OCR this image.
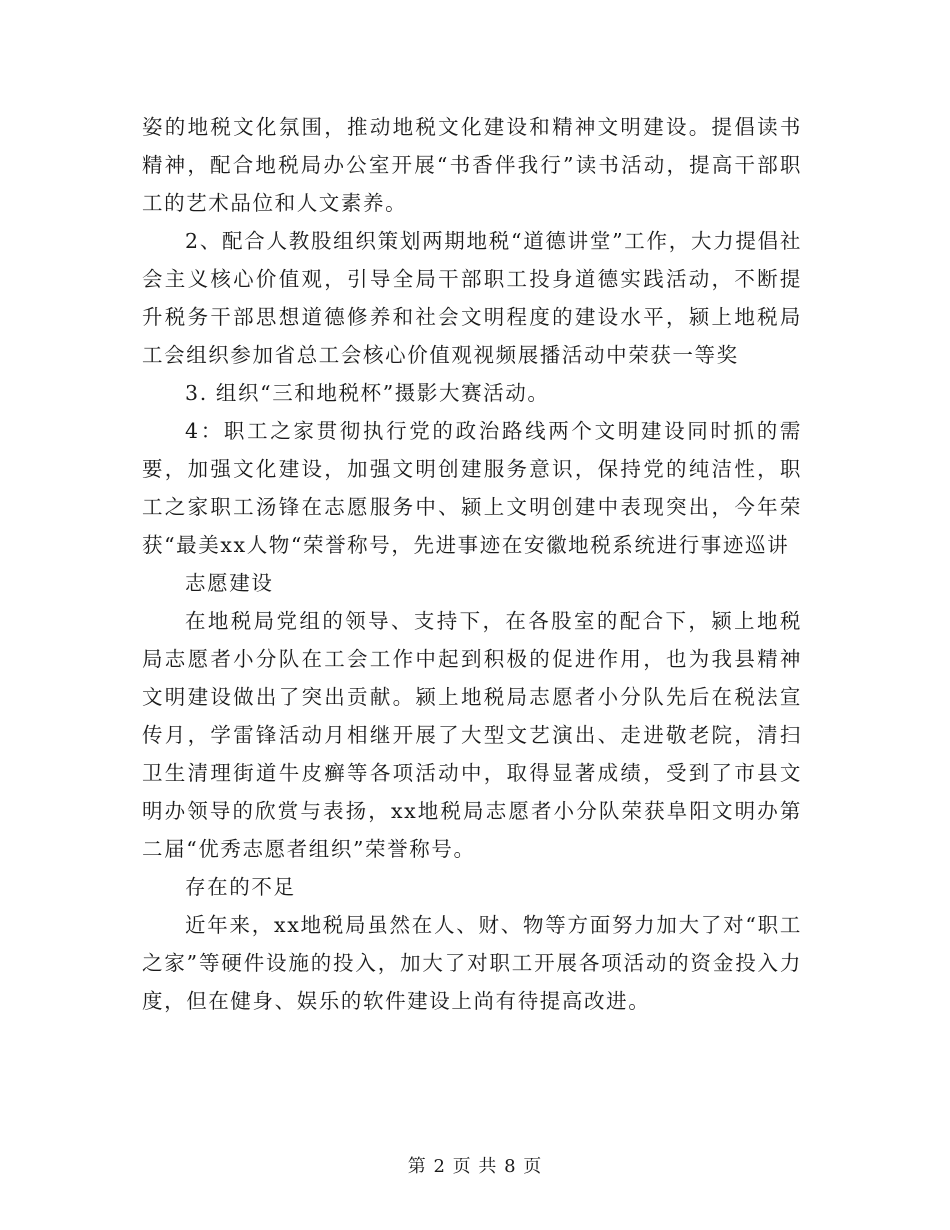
姿的地税文化氛围，推动地税文化建设和精神文明建设。提倡读书精神，配合地税局办公室开展“书香伴我行”读书活动，提高干部职工的艺术品位和人文素养。

2、配合人教股组织策划两期地税“道德讲堂”工作，大力提倡社会主义核心价值观，引导全局干部职工投身道德实践活动，不断提升税务干部思想道德修养和社会文明程度的建设水平，颍上地税局工会组织参加省总工会核心价值观视频展播活动中荣获一等奖

3. 组织“三和地税杯”摄影大赛活动。

4：职工之家贯彻执行党的政治路线两个文明建设同时抓的需要，加强文化建设，加强文明创建服务意识，保持党的纯洁性，职工之家职工汤锋在志愿服务中、颍上文明创建中表现突出，今年荣获“最美xx人物“荣誉称号，先进事迹在安徽地税系统进行事迹巡讲

志愿建设

在地税局党组的领导、支持下，在各股室的配合下，颍上地税局志愿者小分队在工会工作中起到积极的促进作用，也为我县精神文明建设做出了突出贡献。颍上地税局志愿者小分队先后在税法宣传月，学雷锋活动月相继开展了大型文艺演出、走进敬老院，清扫卫生清理街道牛皮癣等各项活动中，取得显著成绩，受到了市县文明办领导的欣赏与表扬，xx地税局志愿者小分队荣获阜阳文明办第二届“优秀志愿者组织”荣誉称号。

存在的不足

近年来，xx地税局虽然在人、财、物等方面努力加大了对“职工之家”等硬件设施的投入，加大了对职工开展各项活动的资金投入力度，但在健身、娱乐的软件建设上尚有待提高改进。

第 2 页 共 8 页
